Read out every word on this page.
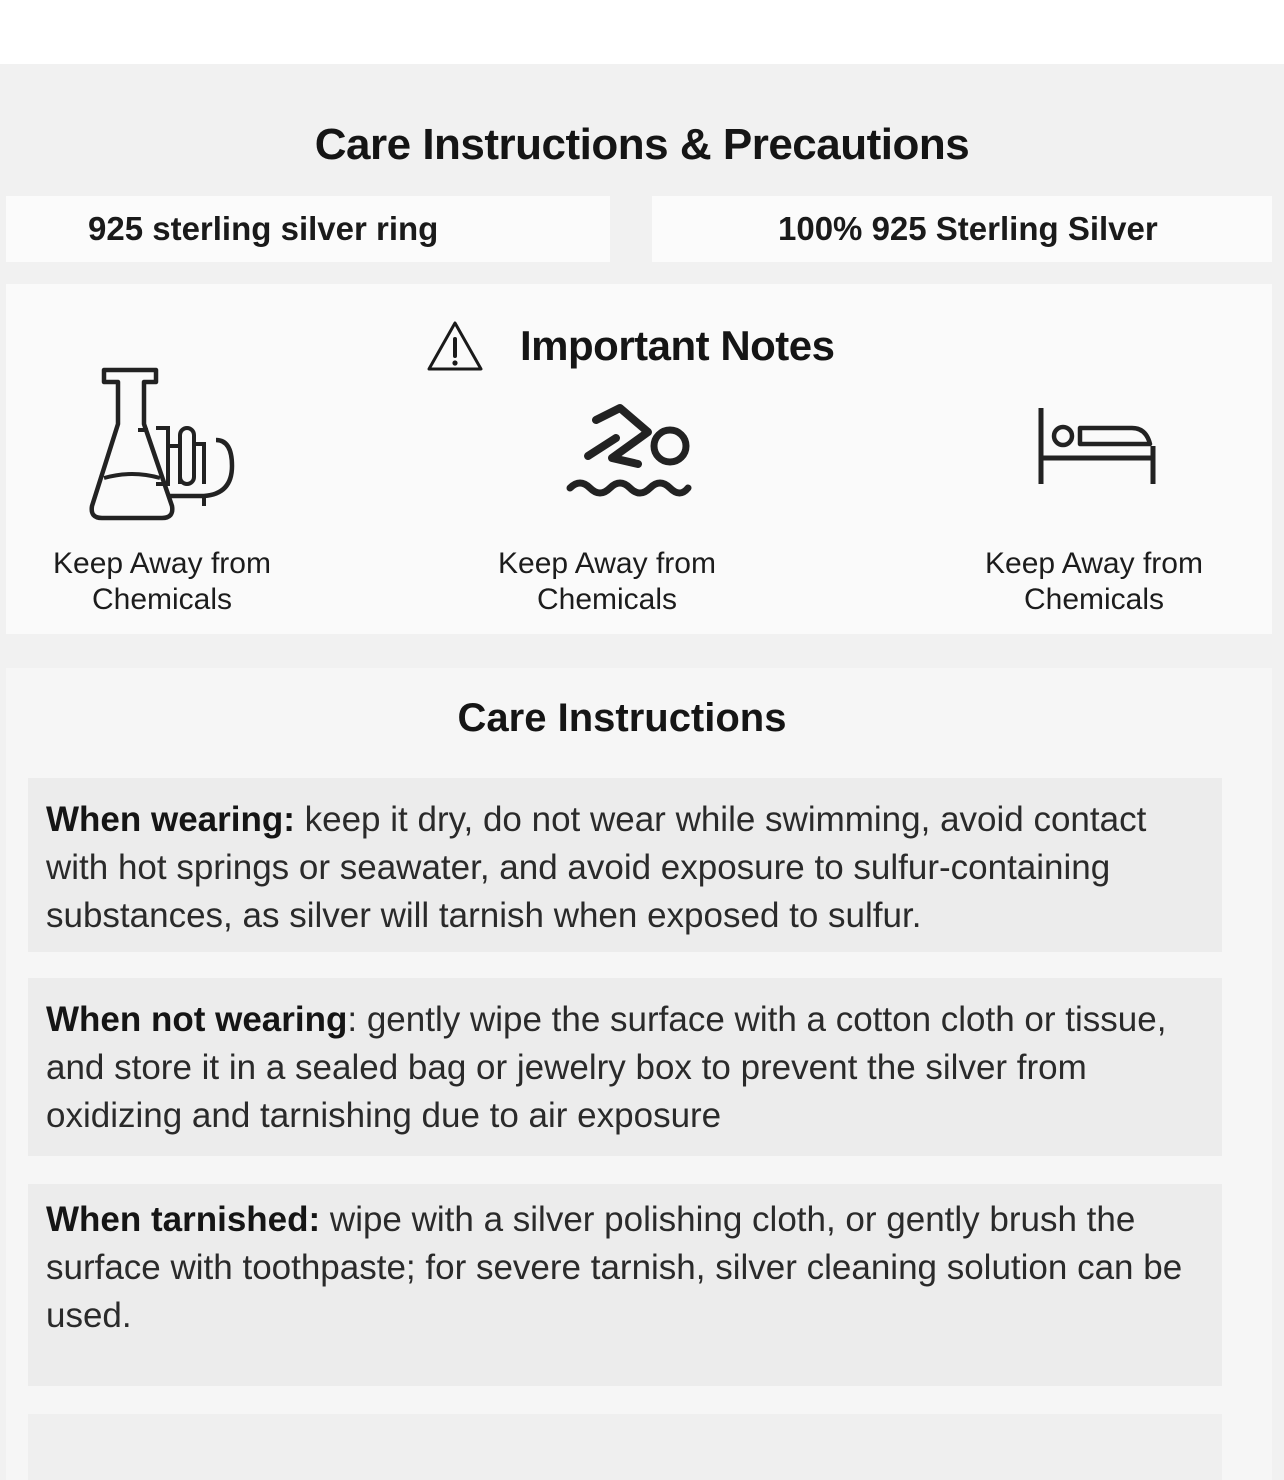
Care Instructions & Precautions
925 sterling silver ring	100% 925 Sterling Silver
Important Notes
Keep Away from
Chemicals
Keep Away from
Chemicals
Keep Away from
Chemicals
Care Instructions
When wearing: keep it dry, do not wear while swimming, avoid contact with hot springs or seawater, and avoid exposure to sulfur-containing substances, as silver will tarnish when exposed to sulfur.
When not wearing: gently wipe the surface with a cotton cloth or tissue, and store it in a sealed bag or jewelry box to prevent the silver from oxidizing and tarnishing due to air exposure
When tarnished: wipe with a silver polishing cloth, or gently brush the surface with toothpaste; for severe tarnish, silver cleaning solution can be used.
